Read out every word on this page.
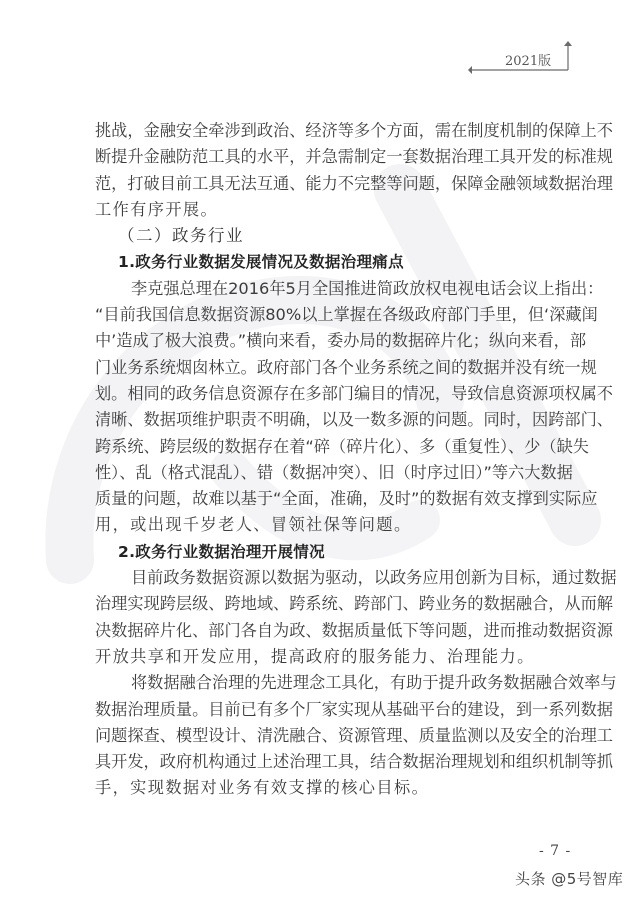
2021版
挑战，金融安全牵涉到政治、经济等多个方面，需在制度机制的保障上不
断提升金融防范工具的水平，并急需制定一套数据治理工具开发的标准规
范，打破目前工具无法互通、能力不完整等问题，保障金融领域数据治理
工作有序开展。
（二）政务行业
1.政务行业数据发展情况及数据治理痛点
李克强总理在2016年5月全国推进简政放权电视电话会议上指出：
“目前我国信息数据资源80%以上掌握在各级政府部门手里，但‘深藏闺
中’造成了极大浪费。”横向来看，委办局的数据碎片化；纵向来看，部
门业务系统烟囱林立。政府部门各个业务系统之间的数据并没有统一规
划。相同的政务信息资源存在多部门编目的情况，导致信息资源项权属不
清晰、数据项维护职责不明确，以及一数多源的问题。同时，因跨部门、
跨系统、跨层级的数据存在着“碎（碎片化）、多（重复性）、少（缺失
性）、乱（格式混乱）、错（数据冲突）、旧（时序过旧）”等六大数据
质量的问题，故难以基于“全面，准确，及时”的数据有效支撑到实际应
用，或出现千岁老人、冒领社保等问题。
2.政务行业数据治理开展情况
目前政务数据资源以数据为驱动，以政务应用创新为目标，通过数据
治理实现跨层级、跨地域、跨系统、跨部门、跨业务的数据融合，从而解
决数据碎片化、部门各自为政、数据质量低下等问题，进而推动数据资源
开放共享和开发应用，提高政府的服务能力、治理能力。
将数据融合治理的先进理念工具化，有助于提升政务数据融合效率与
数据治理质量。目前已有多个厂家实现从基础平台的建设，到一系列数据
问题探查、模型设计、清洗融合、资源管理、质量监测以及安全的治理工
具开发，政府机构通过上述治理工具，结合数据治理规划和组织机制等抓
手，实现数据对业务有效支撑的核心目标。
- 7 -
头条 @5号智库
